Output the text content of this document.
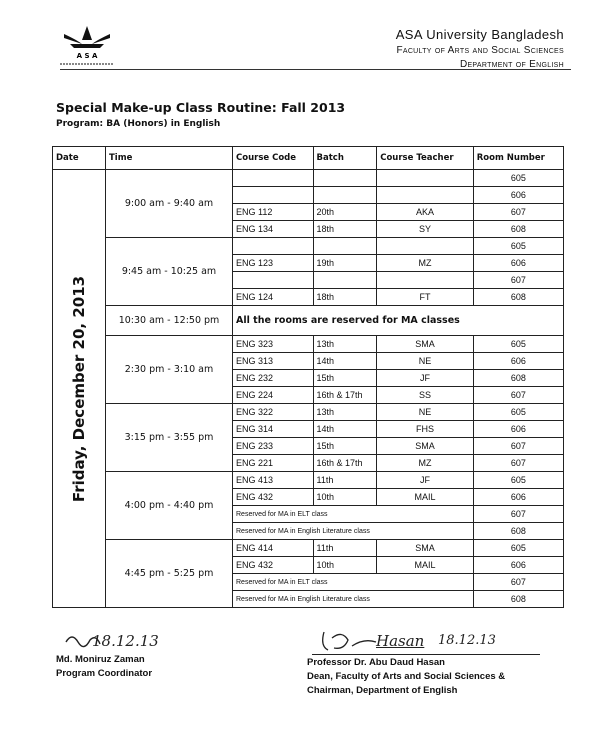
A S A
ASA University Bangladesh
Faculty of Arts and Social Sciences
Department of English
Special Make-up Class Routine: Fall 2013
Program: BA (Honors) in English
Date	Time	Course Code	Batch	Course Teacher	Room Number

Friday, December 20, 2013	9:00 am - 9:40 am				605
					606
		ENG 112	20th	AKA	607
		ENG 134	18th	SY	608
	9:45 am - 10:25 am				605
		ENG 123	19th	MZ	606
					607
		ENG 124	18th	FT	608
	10:30 am - 12:50 pm	All the rooms are reserved for MA classes			
	2:30 pm - 3:10 am	ENG 323	13th	SMA	605
		ENG 313	14th	NE	606
		ENG 232	15th	JF	608
		ENG 224	16th & 17th	SS	607
	3:15 pm - 3:55 pm	ENG 322	13th	NE	605
		ENG 314	14th	FHS	606
		ENG 233	15th	SMA	607
		ENG 221	16th & 17th	MZ	607
	4:00 pm - 4:40 pm	ENG 413	11th	JF	605
		ENG 432	10th	MAIL	606
		Reserved for MA in ELT class			607
		Reserved for MA in English Literature class			608
	4:45 pm - 5:25 pm	ENG 414	11th	SMA	605
		ENG 432	10th	MAIL	606
		Reserved for MA in ELT class			607
		Reserved for MA in English Literature class			608
18.12.13
Md. Moniruz Zaman
Program Coordinator
Hasan 18.12.13
Professor Dr. Abu Daud Hasan
Dean, Faculty of Arts and Social Sciences &
Chairman, Department of English
